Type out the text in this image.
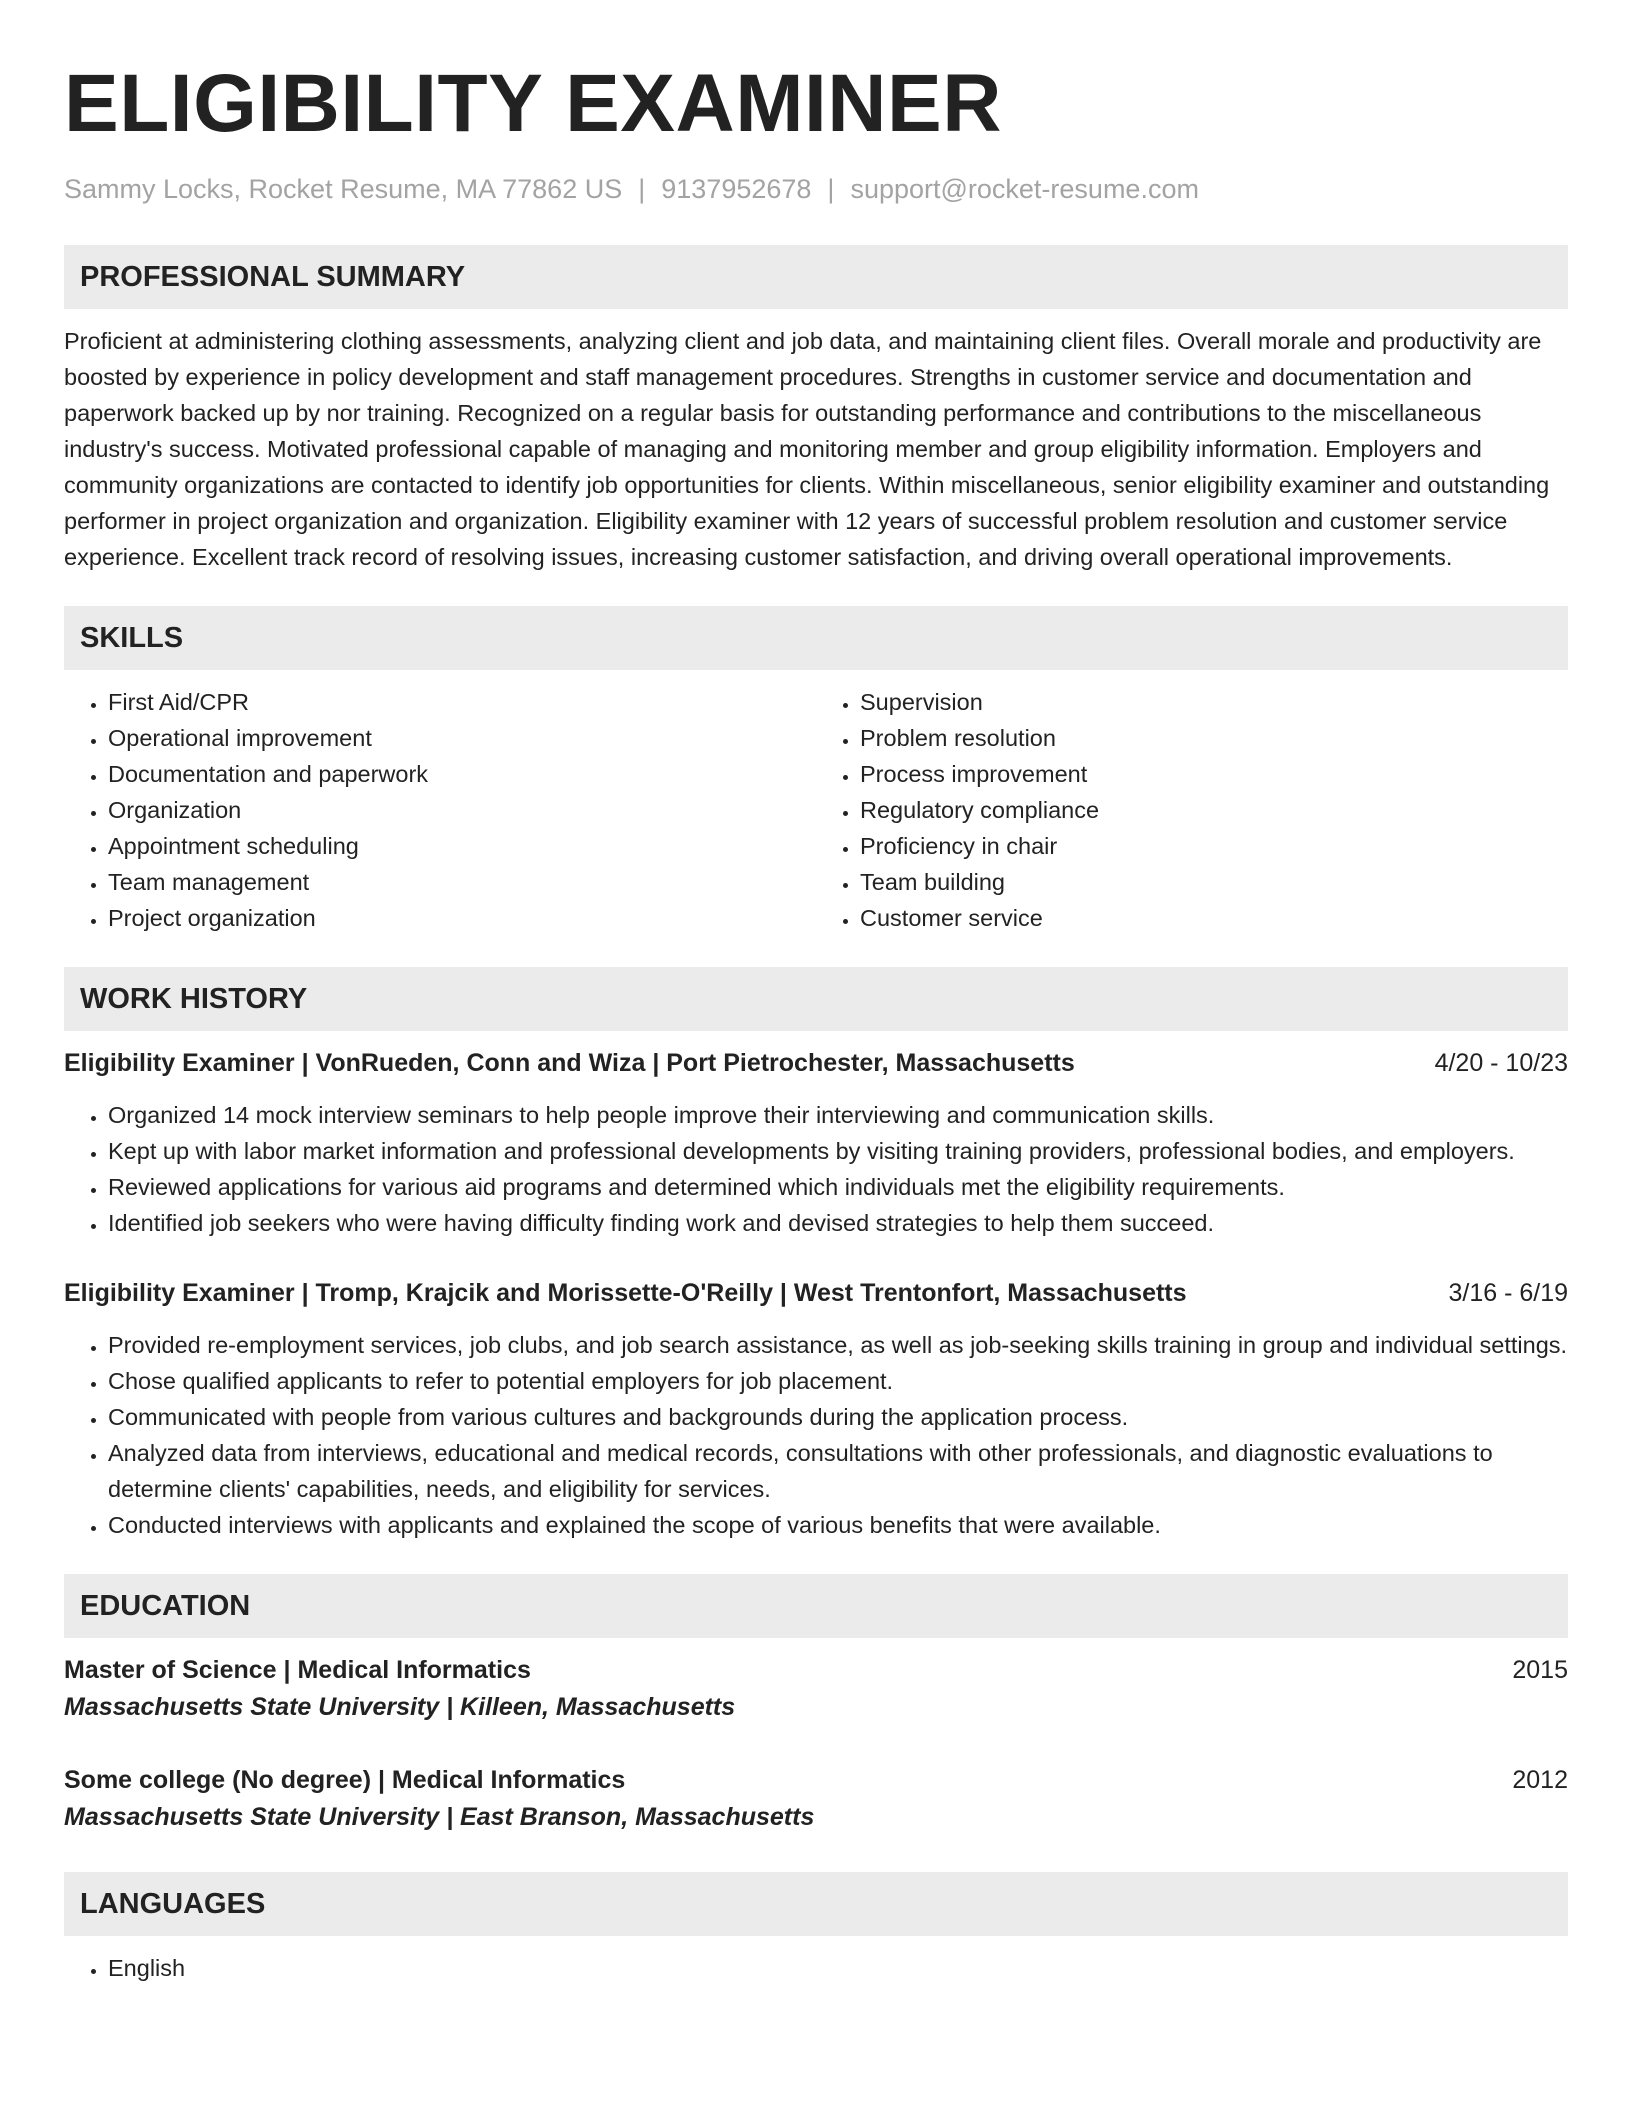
ELIGIBILITY EXAMINER
Sammy Locks, Rocket Resume, MA 77862 US | 9137952678 | support@rocket-resume.com
PROFESSIONAL SUMMARY

Proficient at administering clothing assessments, analyzing client and job data, and maintaining client files. Overall morale and productivity are boosted by experience in policy development and staff management procedures. Strengths in customer service and documentation and paperwork backed up by nor training. Recognized on a regular basis for outstanding performance and contributions to the miscellaneous industry's success. Motivated professional capable of managing and monitoring member and group eligibility information. Employers and community organizations are contacted to identify job opportunities for clients. Within miscellaneous, senior eligibility examiner and outstanding performer in project organization and organization. Eligibility examiner with 12 years of successful problem resolution and customer service experience. Excellent track record of resolving issues, increasing customer satisfaction, and driving overall operational improvements.

SKILLS
• First Aid/CPR
• Operational improvement
• Documentation and paperwork
• Organization
• Appointment scheduling
• Team management
• Project organization
• Supervision
• Problem resolution
• Process improvement
• Regulatory compliance
• Proficiency in chair
• Team building
• Customer service
WORK HISTORY
Eligibility Examiner | VonRueden, Conn and Wiza | Port Pietrochester, Massachusetts	4/20 - 10/23
• Organized 14 mock interview seminars to help people improve their interviewing and communication skills.
• Kept up with labor market information and professional developments by visiting training providers, professional bodies, and employers.
• Reviewed applications for various aid programs and determined which individuals met the eligibility requirements.
• Identified job seekers who were having difficulty finding work and devised strategies to help them succeed.
Eligibility Examiner | Tromp, Krajcik and Morissette-O'Reilly | West Trentonfort, Massachusetts	3/16 - 6/19
• Provided re-employment services, job clubs, and job search assistance, as well as job-seeking skills training in group and individual settings.
• Chose qualified applicants to refer to potential employers for job placement.
• Communicated with people from various cultures and backgrounds during the application process.
• Analyzed data from interviews, educational and medical records, consultations with other professionals, and diagnostic evaluations to determine clients' capabilities, needs, and eligibility for services.
• Conducted interviews with applicants and explained the scope of various benefits that were available.
EDUCATION
Master of Science | Medical Informatics	2015
Massachusetts State University | Killeen, Massachusetts
Some college (No degree) | Medical Informatics	2012
Massachusetts State University | East Branson, Massachusetts
LANGUAGES
• English
